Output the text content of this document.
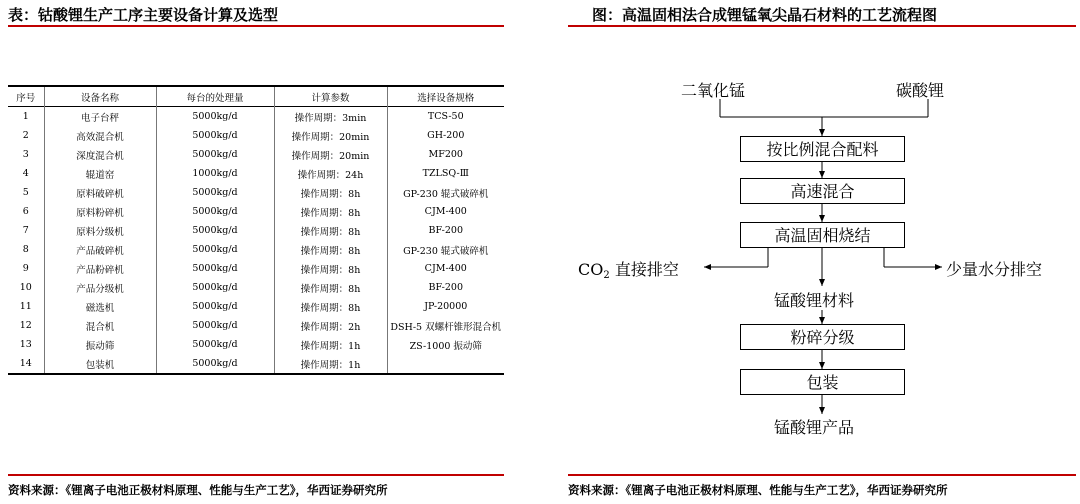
表：钴酸锂生产工序主要设备计算及选型
序号	设备名称	每台的处理量	计算参数	选择设备规格
1	电子台秤	5000kg/d	操作周期：3min	TCS-50
2	高效混合机	5000kg/d	操作周期：20min	GH-200
3	深度混合机	5000kg/d	操作周期：20min	MF200
4	辊道窑	1000kg/d	操作周期：24h	TZLSQ-Ⅲ
5	原料破碎机	5000kg/d	操作周期：8h	GP-230 辊式破碎机
6	原料粉碎机	5000kg/d	操作周期：8h	CJM-400
7	原料分级机	5000kg/d	操作周期：8h	BF-200
8	产品破碎机	5000kg/d	操作周期：8h	GP-230 辊式破碎机
9	产品粉碎机	5000kg/d	操作周期：8h	CJM-400
10	产品分级机	5000kg/d	操作周期：8h	BF-200
11	磁选机	5000kg/d	操作周期：8h	JP-20000
12	混合机	5000kg/d	操作周期：2h	DSH-5 双螺杆锥形混合机
13	振动筛	5000kg/d	操作周期：1h	ZS-1000 振动筛
14	包装机	5000kg/d	操作周期：1h	
资料来源：《锂离子电池正极材料原理、性能与生产工艺》，华西证券研究所
图：高温固相法合成锂锰氧尖晶石材料的工艺流程图
二氧化锰	碳酸锂
按比例混合配料
高速混合
高温固相烧结
$CO_2$ 直接排空	少量水分排空
锰酸锂材料
粉碎分级
包装
锰酸锂产品
资料来源：《锂离子电池正极材料原理、性能与生产工艺》，华西证券研究所
